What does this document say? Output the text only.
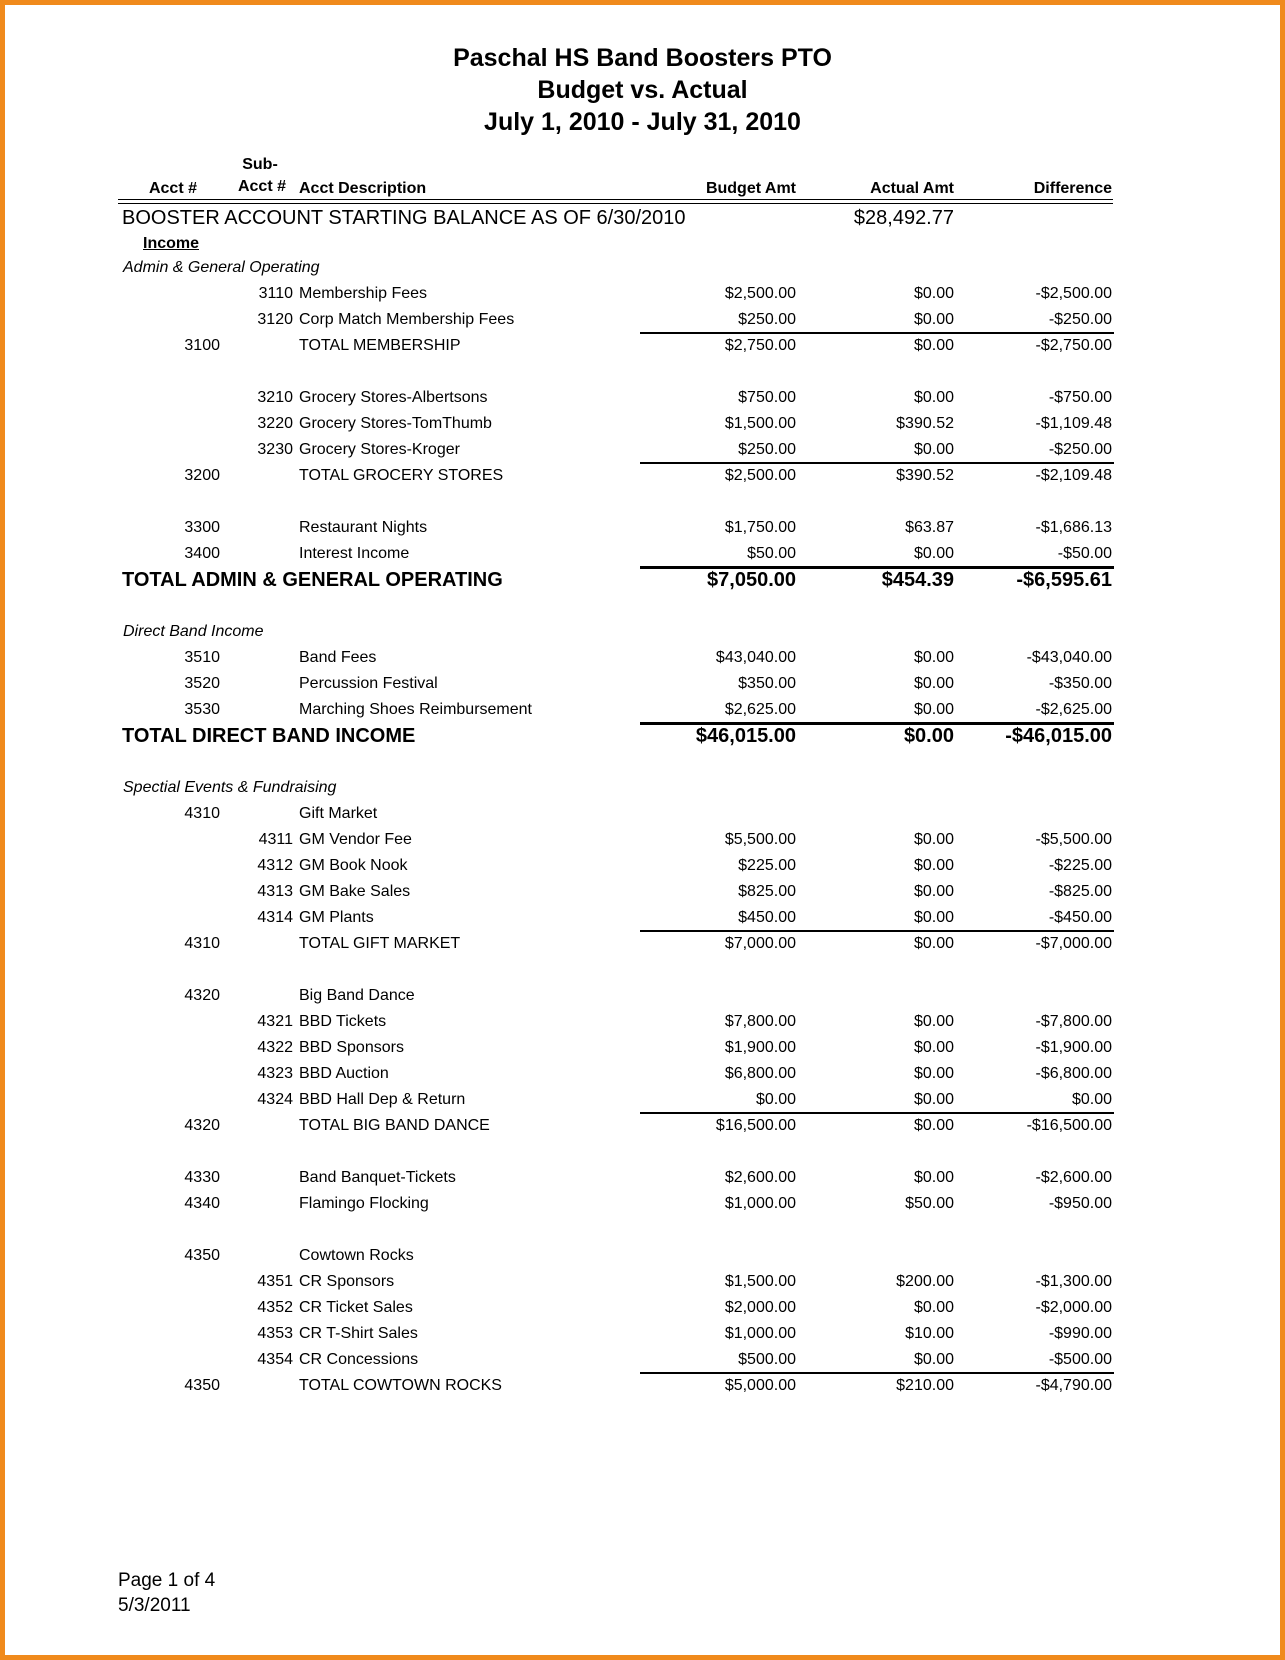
Paschal HS Band Boosters PTO
Budget vs. Actual
July 1, 2010 - July 31, 2010
Acct #
Sub-
Acct # Acct Description	Budget Amt	Actual Amt	Difference
BOOSTER ACCOUNT STARTING BALANCE AS OF 6/30/2010	$28,492.77
Income
Admin & General Operating
3110 Membership Fees	$2,500.00	$0.00	-$2,500.00
3120 Corp Match Membership Fees	$250.00	$0.00	-$250.00
3100	TOTAL MEMBERSHIP	$2,750.00	$0.00	-$2,750.00
3210 Grocery Stores-Albertsons	$750.00	$0.00	-$750.00
3220 Grocery Stores-TomThumb	$1,500.00	$390.52	-$1,109.48
3230 Grocery Stores-Kroger	$250.00	$0.00	-$250.00
3200	TOTAL GROCERY STORES	$2,500.00	$390.52	-$2,109.48
3300	Restaurant Nights	$1,750.00	$63.87	-$1,686.13
3400	Interest Income	$50.00	$0.00	-$50.00
TOTAL ADMIN & GENERAL OPERATING	$7,050.00	$454.39	-$6,595.61
Direct Band Income
3510	Band Fees	$43,040.00	$0.00	-$43,040.00
3520	Percussion Festival	$350.00	$0.00	-$350.00
3530	Marching Shoes Reimbursement	$2,625.00	$0.00	-$2,625.00
TOTAL DIRECT BAND INCOME	$46,015.00	$0.00	-$46,015.00
Spectial Events & Fundraising
4310	Gift Market
4311 GM Vendor Fee	$5,500.00	$0.00	-$5,500.00
4312 GM Book Nook	$225.00	$0.00	-$225.00
4313 GM Bake Sales	$825.00	$0.00	-$825.00
4314 GM Plants	$450.00	$0.00	-$450.00
4310	TOTAL GIFT MARKET	$7,000.00	$0.00	-$7,000.00
4320	Big Band Dance
4321 BBD Tickets	$7,800.00	$0.00	-$7,800.00
4322 BBD Sponsors	$1,900.00	$0.00	-$1,900.00
4323 BBD Auction	$6,800.00	$0.00	-$6,800.00
4324 BBD Hall Dep & Return	$0.00	$0.00	$0.00
4320	TOTAL BIG BAND DANCE	$16,500.00	$0.00	-$16,500.00
4330	Band Banquet-Tickets	$2,600.00	$0.00	-$2,600.00
4340	Flamingo Flocking	$1,000.00	$50.00	-$950.00
4350	Cowtown Rocks
4351 CR Sponsors	$1,500.00	$200.00	-$1,300.00
4352 CR Ticket Sales	$2,000.00	$0.00	-$2,000.00
4353 CR T-Shirt Sales	$1,000.00	$10.00	-$990.00
4354 CR Concessions	$500.00	$0.00	-$500.00
4350	TOTAL COWTOWN ROCKS	$5,000.00	$210.00	-$4,790.00
Page 1 of 4
5/3/2011
